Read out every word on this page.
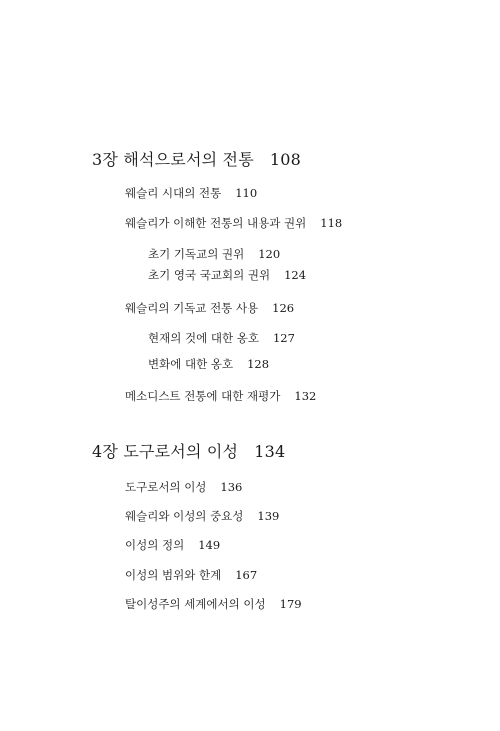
3장 해석으로서의 전통 108
웨슬리 시대의 전통 110
웨슬리가 이해한 전통의 내용과 권위 118
초기 기독교의 권위 120
초기 영국 국교회의 권위 124
웨슬리의 기독교 전통 사용 126
현재의 것에 대한 옹호 127
변화에 대한 옹호 128
메소디스트 전통에 대한 재평가 132
4장 도구로서의 이성 134
도구로서의 이성 136
웨슬리와 이성의 중요성 139
이성의 정의 149
이성의 범위와 한계 167
탈이성주의 세계에서의 이성 179
